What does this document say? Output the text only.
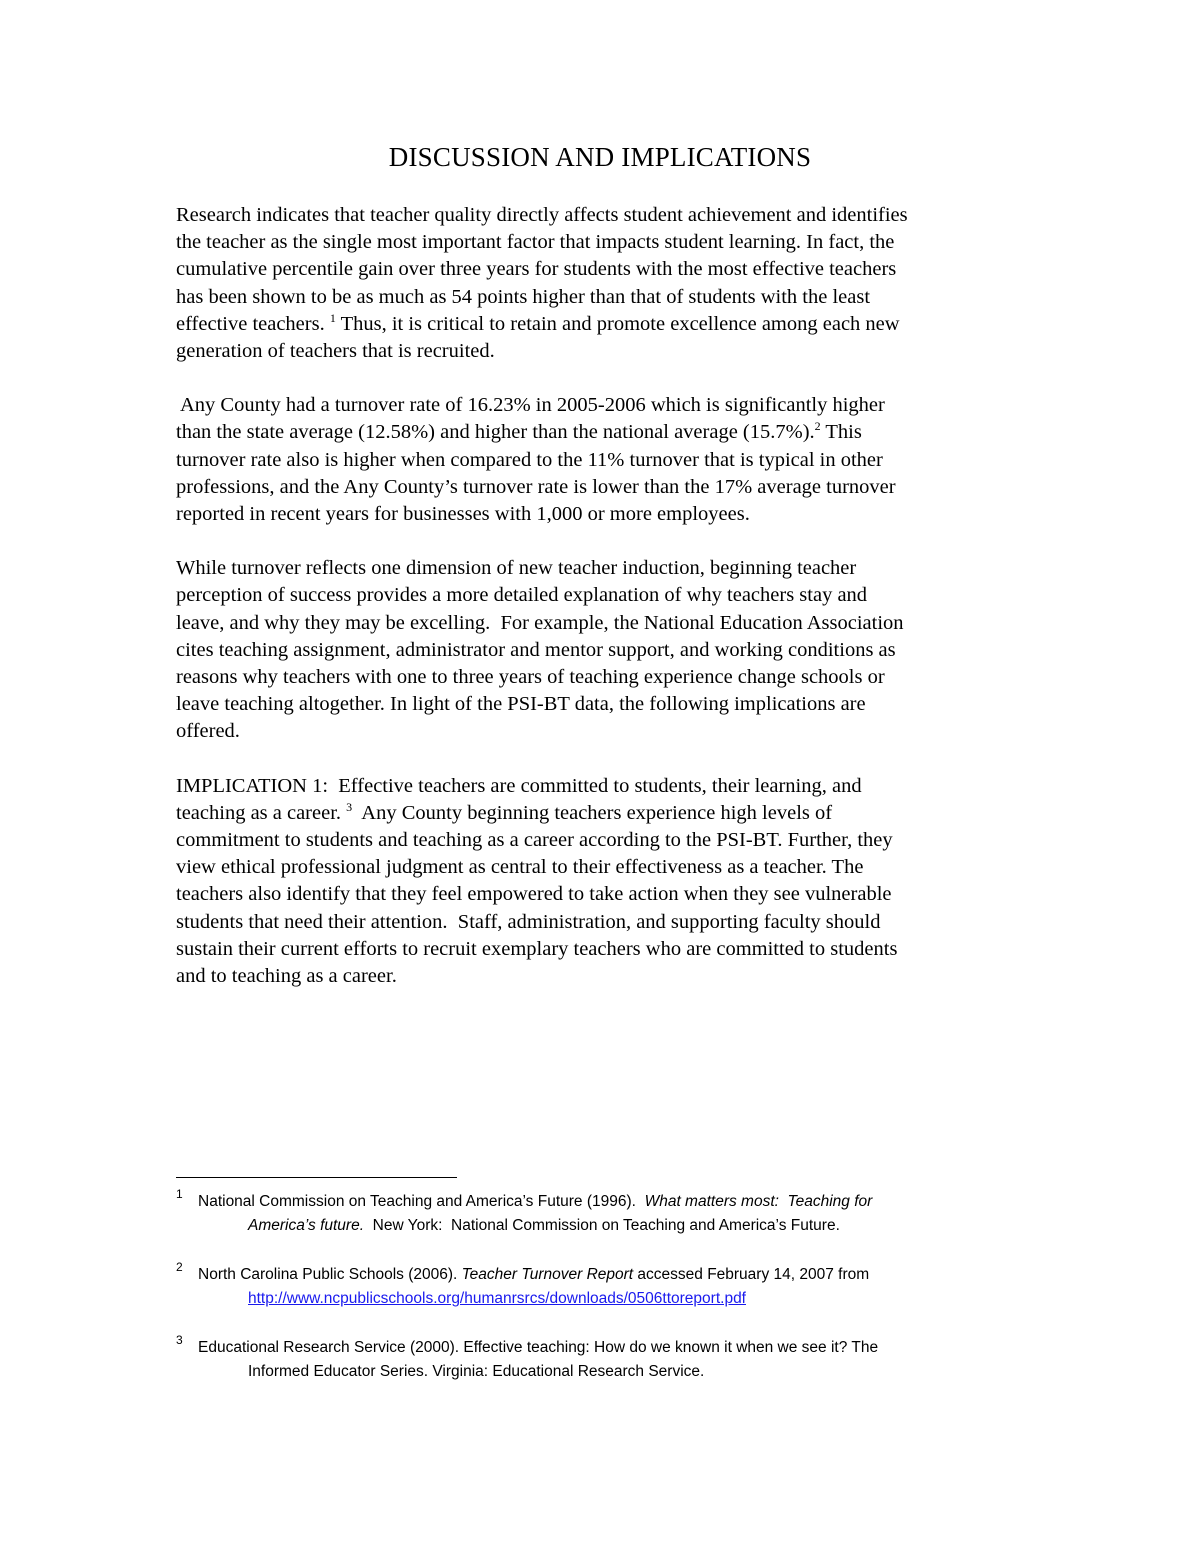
DISCUSSION AND IMPLICATIONS

Research indicates that teacher quality directly affects student achievement and identifies
the teacher as the single most important factor that impacts student learning. In fact, the
cumulative percentile gain over three years for students with the most effective teachers
has been shown to be as much as 54 points higher than that of students with the least
effective teachers. $^1$ Thus, it is critical to retain and promote excellence among each new
generation of teachers that is recruited.

Any County had a turnover rate of 16.23% in 2005-2006 which is significantly higher
than the state average (12.58%) and higher than the national average (15.7%).$^2$ This
turnover rate also is higher when compared to the 11% turnover that is typical in other
professions, and the Any County’s turnover rate is lower than the 17% average turnover
reported in recent years for businesses with 1,000 or more employees.

While turnover reflects one dimension of new teacher induction, beginning teacher
perception of success provides a more detailed explanation of why teachers stay and
leave, and why they may be excelling.  For example, the National Education Association
cites teaching assignment, administrator and mentor support, and working conditions as
reasons why teachers with one to three years of teaching experience change schools or
leave teaching altogether. In light of the PSI-BT data, the following implications are
offered.

IMPLICATION 1:  Effective teachers are committed to students, their learning, and
teaching as a career. $^3$  Any County beginning teachers experience high levels of
commitment to students and teaching as a career according to the PSI-BT. Further, they
view ethical professional judgment as central to their effectiveness as a teacher. The
teachers also identify that they feel empowered to take action when they see vulnerable
students that need their attention.  Staff, administration, and supporting faculty should
sustain their current efforts to recruit exemplary teachers who are committed to students
and to teaching as a career.

1 National Commission on Teaching and America’s Future (1996).  What matters most:  Teaching for
America’s future.  New York:  National Commission on Teaching and America’s Future.
2 North Carolina Public Schools (2006). Teacher Turnover Report accessed February 14, 2007 from
http://www.ncpublicschools.org/humanrsrcs/downloads/0506ttoreport.pdf
3 Educational Research Service (2000). Effective teaching: How do we known it when we see it? The
Informed Educator Series. Virginia: Educational Research Service.
